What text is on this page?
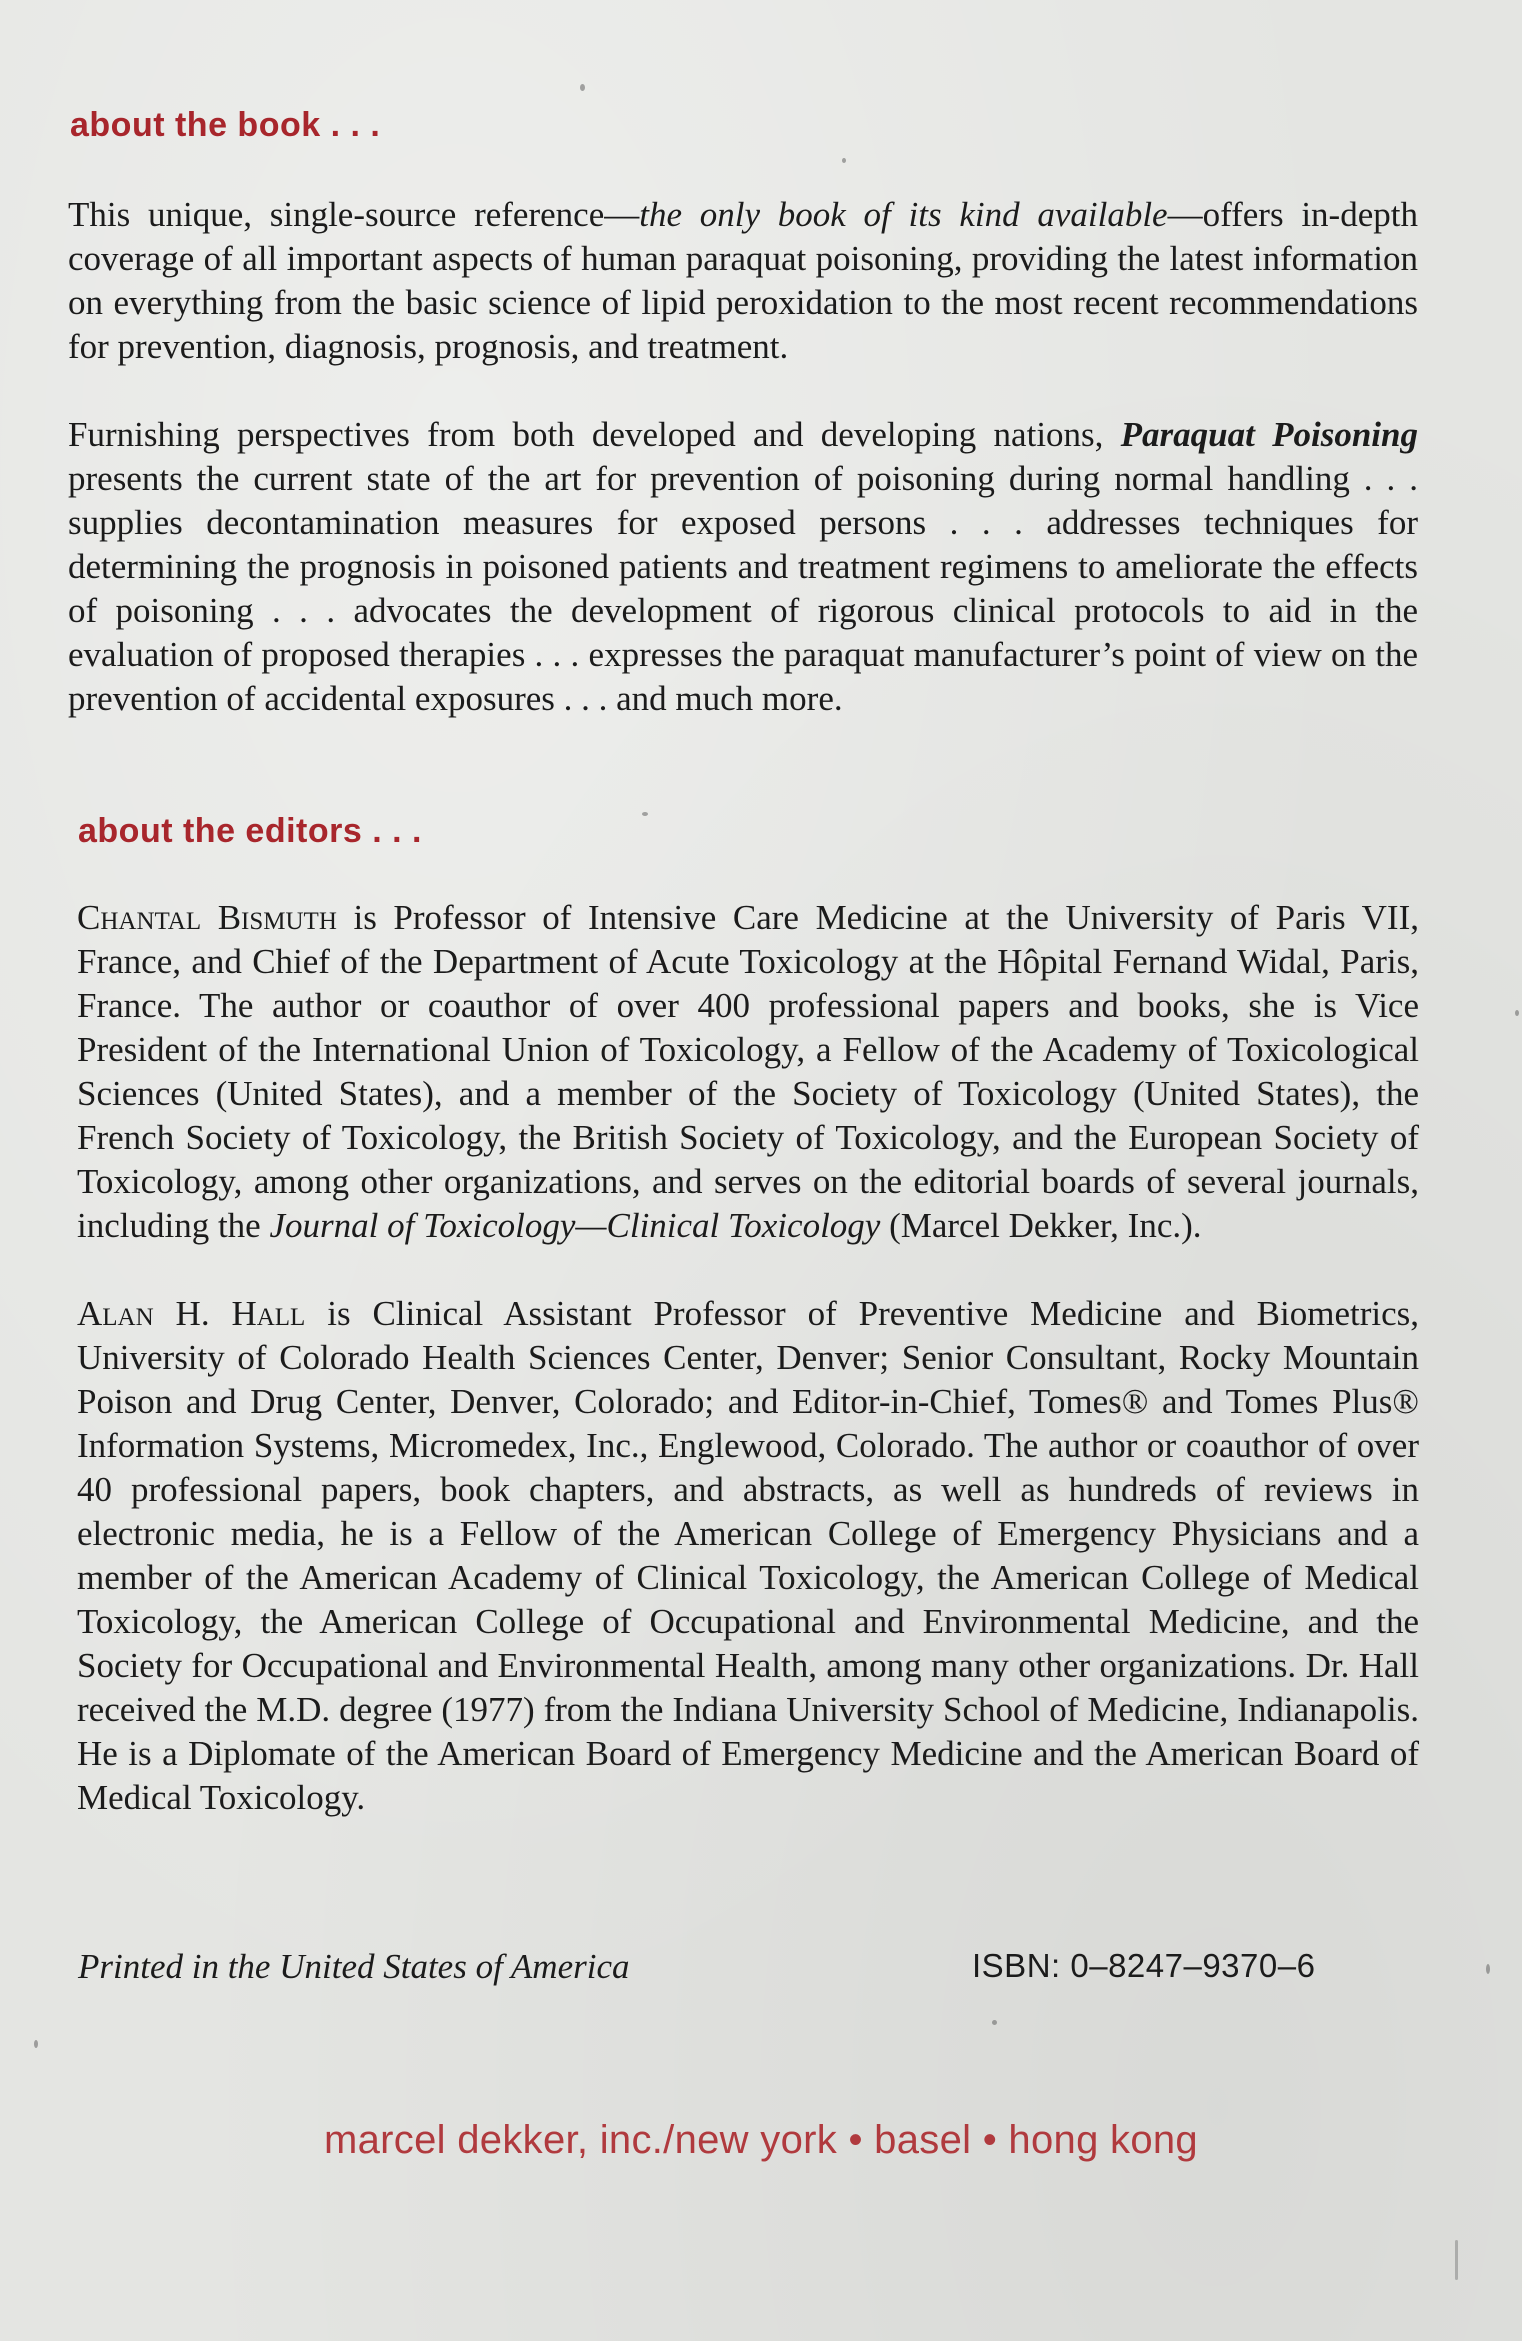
about the book . . .

This unique, single-source reference—the only book of its kind available—offers in-depth coverage of all important aspects of human paraquat poisoning, providing the latest information on everything from the basic science of lipid peroxidation to the most recent recommendations for prevention, diagnosis, prognosis, and treatment.

Furnishing perspectives from both developed and developing nations, Paraquat Poisoning presents the current state of the art for prevention of poisoning during normal handling . . . supplies decontamination measures for exposed persons . . . addresses techniques for determining the prognosis in poisoned patients and treatment regimens to ameliorate the effects of poisoning . . . advocates the development of rigorous clinical protocols to aid in the evaluation of proposed therapies . . . expresses the paraquat manufacturer’s point of view on the prevention of accidental exposures . . . and much more.

about the editors . . .

Chantal Bismuth is Professor of Intensive Care Medicine at the University of Paris VII, France, and Chief of the Department of Acute Toxicology at the Hôpital Fernand Widal, Paris, France. The author or coauthor of over 400 professional papers and books, she is Vice President of the International Union of Toxicology, a Fellow of the Academy of Toxicological Sciences (United States), and a member of the Society of Toxicology (United States), the French Society of Toxicology, the British Society of Toxicology, and the European Society of Toxicology, among other organizations, and serves on the editorial boards of several journals, including the Journal of Toxicology—Clinical Toxicology (Marcel Dekker, Inc.).

Alan H. Hall is Clinical Assistant Professor of Preventive Medicine and Biometrics, University of Colorado Health Sciences Center, Denver; Senior Consultant, Rocky Mountain Poison and Drug Center, Denver, Colorado; and Editor-in-Chief, Tomes® and Tomes Plus® Information Systems, Micromedex, Inc., Englewood, Colorado. The author or coauthor of over 40 professional papers, book chapters, and abstracts, as well as hundreds of reviews in electronic media, he is a Fellow of the American College of Emergency Physicians and a member of the American Academy of Clinical Toxicology, the American College of Medical Toxicology, the American College of Occupational and Environmental Medicine, and the Society for Occupational and Environmental Health, among many other organizations. Dr. Hall received the M.D. degree (1977) from the Indiana University School of Medicine, Indianapolis. He is a Diplomate of the American Board of Emergency Medicine and the American Board of Medical Toxicology.

Printed in the United States of America	ISBN: 0–8247–9370–6
marcel dekker, inc./new york • basel • hong kong
